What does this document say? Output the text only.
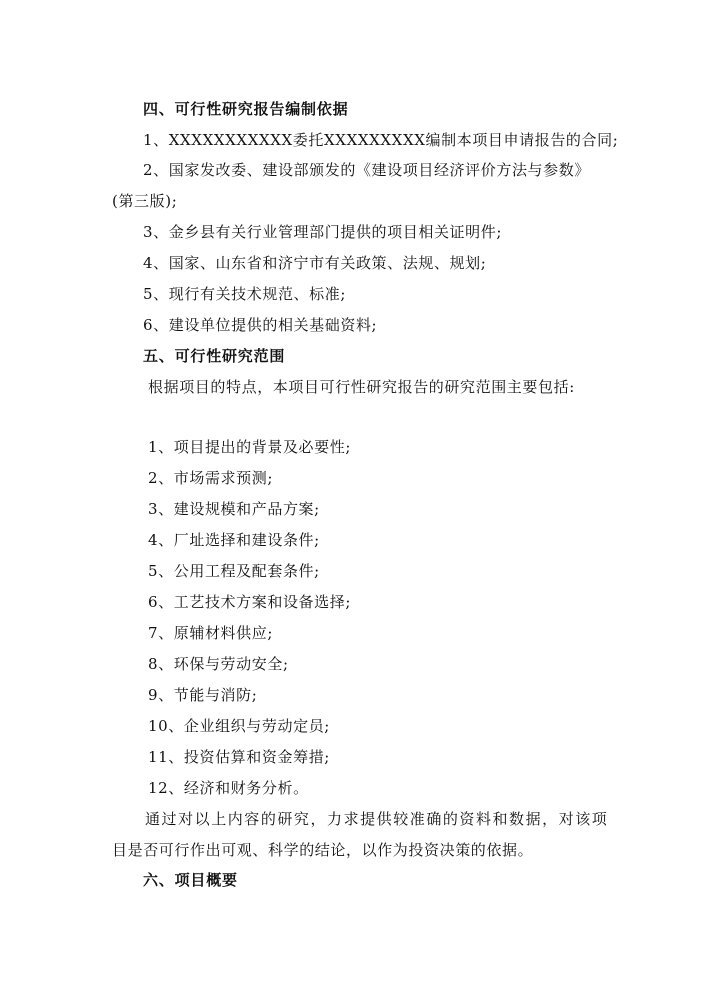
四、可行性研究报告编制依据
1、XXXXXXXXXXX委托XXXXXXXXX编制本项目申请报告的合同;
2、国家发改委、建设部颁发的《建设项目经济评价方法与参数》
(第三版);
3、金乡县有关行业管理部门提供的项目相关证明件;
4、国家、山东省和济宁市有关政策、法规、规划;
5、现行有关技术规范、标准;
6、建设单位提供的相关基础资料;
五、可行性研究范围
根据项目的特点，本项目可行性研究报告的研究范围主要包括:
1、项目提出的背景及必要性;
2、市场需求预测;
3、建设规模和产品方案;
4、厂址选择和建设条件;
5、公用工程及配套条件;
6、工艺技术方案和设备选择;
7、原辅材料供应;
8、环保与劳动安全;
9、节能与消防;
10、企业组织与劳动定员;
11、投资估算和资金筹措;
12、经济和财务分析。
通过对以上内容的研究，力求提供较准确的资料和数据，对该项
目是否可行作出可观、科学的结论，以作为投资决策的依据。
六、项目概要
